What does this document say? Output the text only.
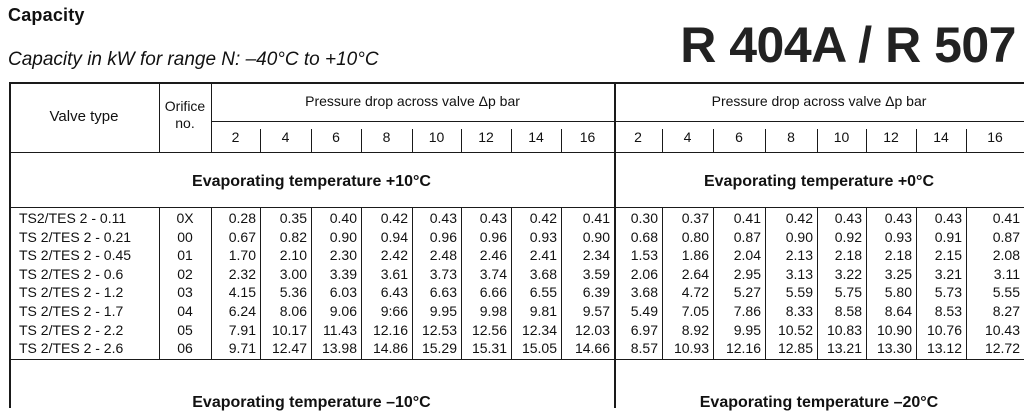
Capacity
Capacity in kW for range N: –40°C to +10°C	R 404A / R 507
Valve type
Orifice
no.
Pressure drop across valve Δp bar	Pressure drop across valve Δp bar
2	2
4	4
6	6
8	8
10	10
12	12
14	14
16	16
Evaporating temperature +10°C	Evaporating temperature +0°C
TS2/TES 2 - 0.11	0X	0.28	0.35	0.40	0.42	0.43	0.43	0.42	0.41	0.30	0.37	0.41	0.42	0.43	0.43	0.43	0.41
TS 2/TES 2 - 0.21	00	0.67	0.82	0.90	0.94	0.96	0.96	0.93	0.90	0.68	0.80	0.87	0.90	0.92	0.93	0.91	0.87
TS 2/TES 2 - 0.45	01	1.70	2.10	2.30	2.42	2.48	2.46	2.41	2.34	1.53	1.86	2.04	2.13	2.18	2.18	2.15	2.08
TS 2/TES 2 - 0.6	02	2.32	3.00	3.39	3.61	3.73	3.74	3.68	3.59	2.06	2.64	2.95	3.13	3.22	3.25	3.21	3.11
TS 2/TES 2 - 1.2	03	4.15	5.36	6.03	6.43	6.63	6.66	6.55	6.39	3.68	4.72	5.27	5.59	5.75	5.80	5.73	5.55
TS 2/TES 2 - 1.7	04	6.24	8.06	9.06	9:66	9.95	9.98	9.81	9.57	5.49	7.05	7.86	8.33	8.58	8.64	8.53	8.27
TS 2/TES 2 - 2.2	05	7.91	10.17	11.43	12.16 12.53	12.56	12.34	12.03	6.97	8.92	9.95	10.52 10.83	10.90	10.76	10.43
TS 2/TES 2 - 2.6	06	9.71	12.47	13.98	14.86 15.29	15.31	15.05	14.66	8.57	10.93	12.16	12.85 13.21	13.30	13.12	12.72
Evaporating temperature –10°C	Evaporating temperature –20°C
